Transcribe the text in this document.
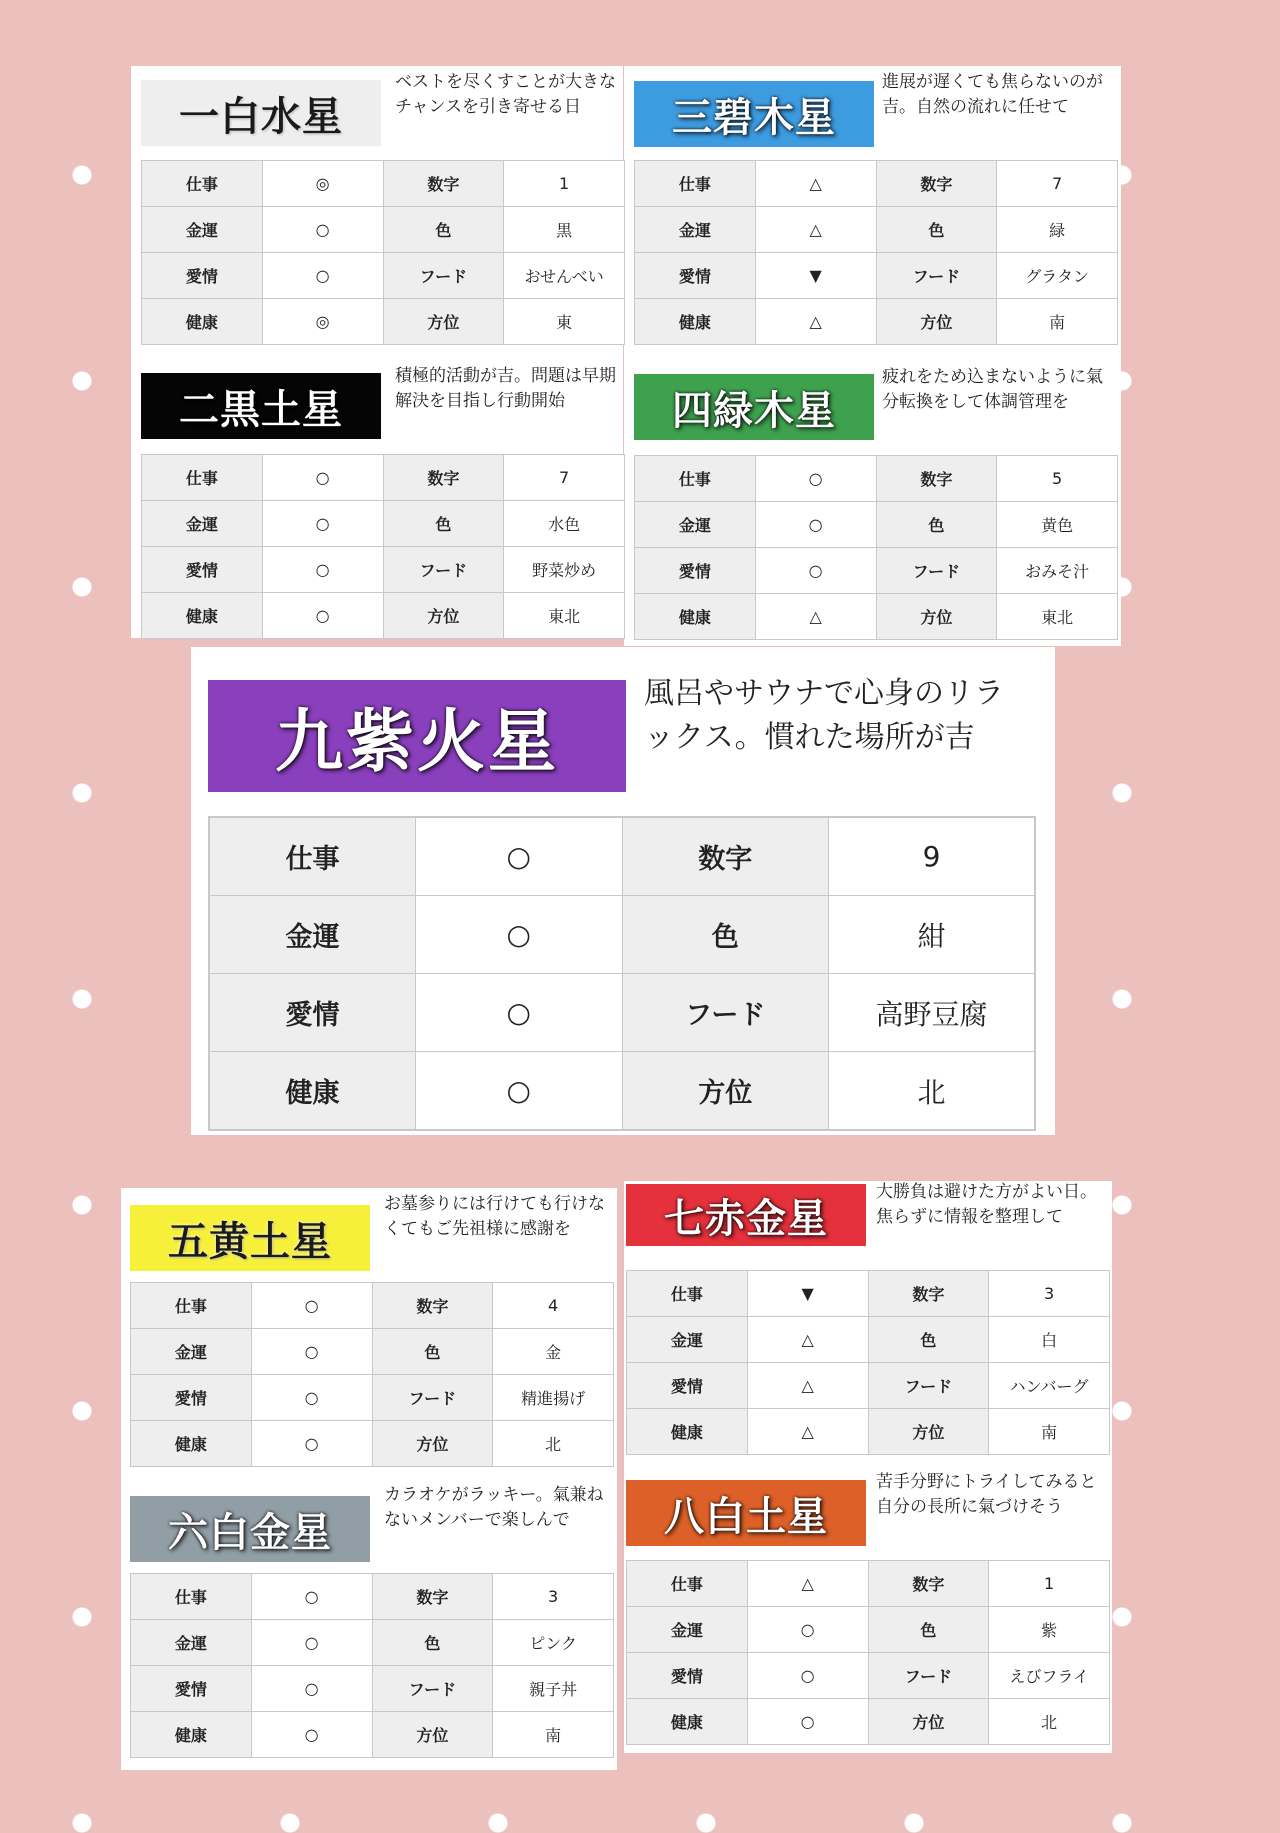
一白水星
ベストを尽くすことが大きなチャンスを引き寄せる日
仕事	◎	数字	1
金運	○	色	黒
愛情	○	フード	おせんべい
健康	◎	方位	東
三碧木星
進展が遅くても焦らないのが吉。自然の流れに任せて
仕事	△	数字	7
金運	△	色	緑
愛情	▼	フード	グラタン
健康	△	方位	南
二黒土星
積極的活動が吉。問題は早期解決を目指し行動開始
仕事	○	数字	7
金運	○	色	水色
愛情	○	フード	野菜炒め
健康	○	方位	東北
四緑木星
疲れをため込まないように氣分転換をして体調管理を
仕事	○	数字	5
金運	○	色	黄色
愛情	○	フード	おみそ汁
健康	△	方位	東北
九紫火星
風呂やサウナで心身のリラックス。慣れた場所が吉
仕事	○	数字	9
金運	○	色	紺
愛情	○	フード	高野豆腐
健康	○	方位	北
五黄土星
お墓参りには行けても行けなくてもご先祖様に感謝を
仕事	○	数字	4
金運	○	色	金
愛情	○	フード	精進揚げ
健康	○	方位	北
七赤金星
大勝負は避けた方がよい日。焦らずに情報を整理して
仕事	▼	数字	3
金運	△	色	白
愛情	△	フード	ハンバーグ
健康	△	方位	南
六白金星
カラオケがラッキー。氣兼ねないメンバーで楽しんで
仕事	○	数字	3
金運	○	色	ピンク
愛情	○	フード	親子丼
健康	○	方位	南
八白土星
苦手分野にトライしてみると自分の長所に氣づけそう
仕事	△	数字	1
金運	○	色	紫
愛情	○	フード	えびフライ
健康	○	方位	北
